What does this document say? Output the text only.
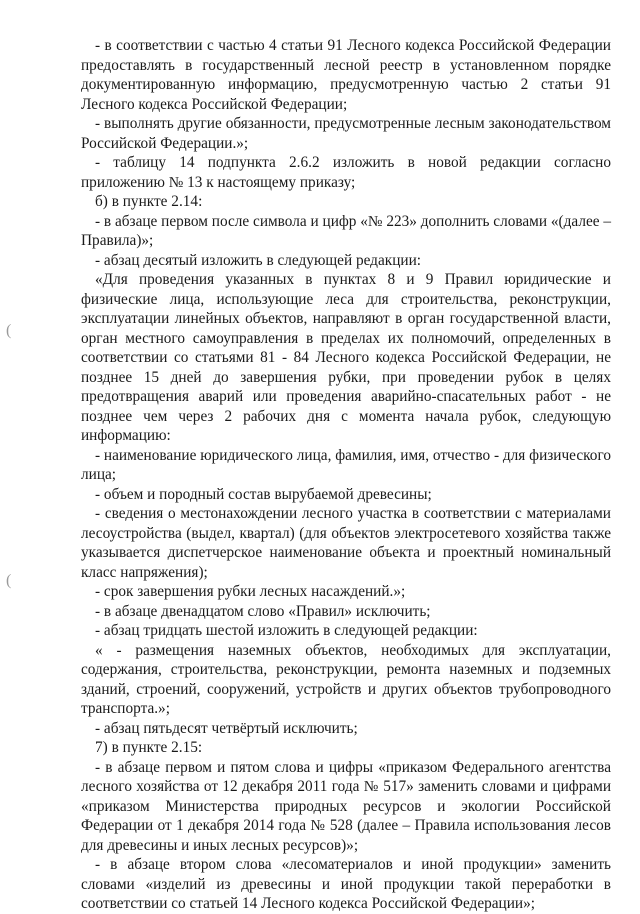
- в соответствии с частью 4 статьи 91 Лесного кодекса Российской Федерации предоставлять в государственный лесной реестр в установленном порядке документированную информацию, предусмотренную частью 2 статьи 91 Лесного кодекса Российской Федерации;

- выполнять другие обязанности, предусмотренные лесным законодательством Российской Федерации.»;

- таблицу 14 подпункта 2.6.2 изложить в новой редакции согласно приложению № 13 к настоящему приказу;

б) в пункте 2.14:

- в абзаце первом после символа и цифр «№ 223» дополнить словами «(далее – Правила)»;

- абзац десятый изложить в следующей редакции:

«Для проведения указанных в пунктах 8 и 9 Правил юридические и физические лица, использующие леса для строительства, реконструкции, эксплуатации линейных объектов, направляют в орган государственной власти, орган местного самоуправления в пределах их полномочий, определенных в соответствии со статьями 81 - 84 Лесного кодекса Российской Федерации, не позднее 15 дней до завершения рубки, при проведении рубок в целях предотвращения аварий или проведения аварийно-спасательных работ - не позднее чем через 2 рабочих дня с момента начала рубок, следующую информацию:

- наименование юридического лица, фамилия, имя, отчество - для физического лица;

- объем и породный состав вырубаемой древесины;

- сведения о местонахождении лесного участка в соответствии с материалами лесоустройства (выдел, квартал) (для объектов электросетевого хозяйства также указывается диспетчерское наименование объекта и проектный номинальный класс напряжения);

- срок завершения рубки лесных насаждений.»;

- в абзаце двенадцатом слово «Правил» исключить;

- абзац тридцать шестой изложить в следующей редакции:

« - размещения наземных объектов, необходимых для эксплуатации, содержания, строительства, реконструкции, ремонта наземных и подземных зданий, строений, сооружений, устройств и других объектов трубопроводного транспорта.»;

- абзац пятьдесят четвёртый исключить;

7) в пункте 2.15:

- в абзаце первом и пятом слова и цифры «приказом Федерального агентства лесного хозяйства от 12 декабря 2011 года № 517» заменить словами и цифрами «приказом Министерства природных ресурсов и экологии Российской Федерации от 1 декабря 2014 года № 528 (далее – Правила использования лесов для древесины и иных лесных ресурсов)»;

- в абзаце втором слова «лесоматериалов и иной продукции» заменить словами «изделий из древесины и иной продукции такой переработки в соответствии со статьей 14 Лесного кодекса Российской Федерации»;

(
(
